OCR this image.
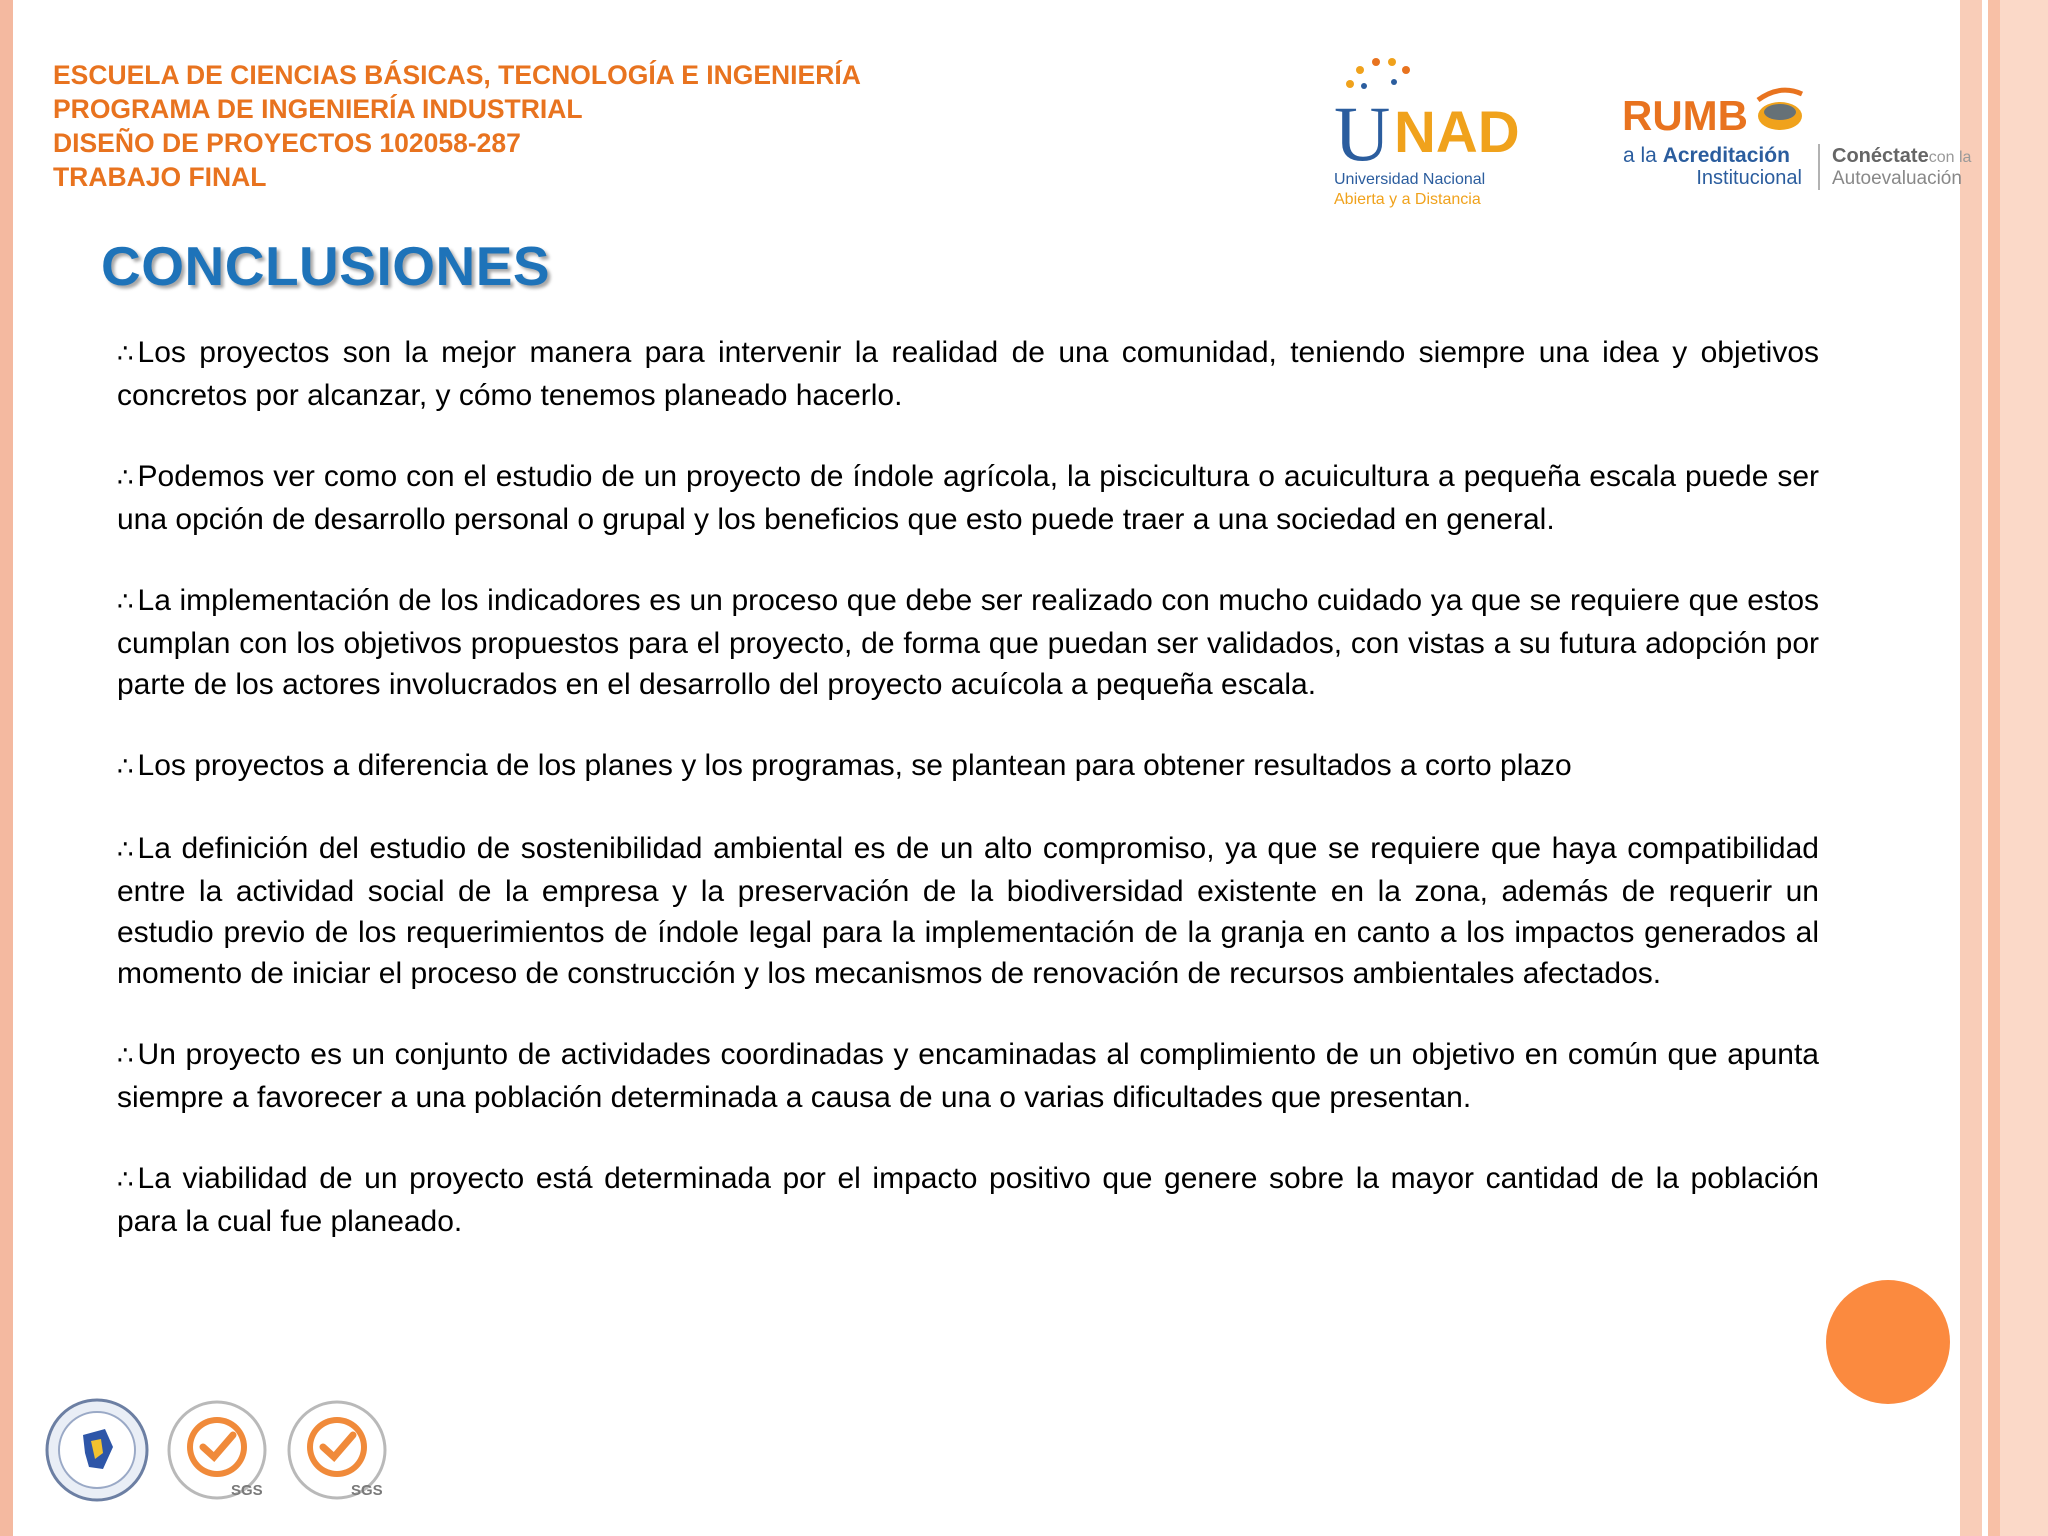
ESCUELA DE CIENCIAS BÁSICAS, TECNOLOGÍA E INGENIERÍA
PROGRAMA DE INGENIERÍA INDUSTRIAL
DISEÑO DE PROYECTOS 102058-287
TRABAJO FINAL	U NAD
Universidad Nacional
Abierta y a Distancia
RUMB
a la Acreditación
Institucional
Conéctatecon la
Autoevaluación
CONCLUSIONES

∴ Los proyectos son la mejor manera para intervenir la realidad de una comunidad, teniendo siempre una idea y objetivos concretos por alcanzar, y cómo tenemos planeado hacerlo.

∴ Podemos ver como con el estudio de un proyecto de índole agrícola, la piscicultura o acuicultura a pequeña escala puede ser una opción de desarrollo personal o grupal y los beneficios que esto puede traer a una sociedad en general.

∴ La implementación de los indicadores es un proceso que debe ser realizado con mucho cuidado ya que se requiere que estos cumplan con los objetivos propuestos para el proyecto, de forma que puedan ser validados, con vistas a su futura adopción por parte de los actores involucrados en el desarrollo del proyecto acuícola a pequeña escala.

∴ Los proyectos a diferencia de los planes y los programas, se plantean para obtener resultados a corto plazo

∴ La definición del estudio de sostenibilidad ambiental es de un alto compromiso, ya que se requiere que haya compatibilidad entre la actividad social de la empresa y la preservación de la biodiversidad existente en la zona, además de requerir un estudio previo de los requerimientos de índole legal para la implementación de la granja en canto a los impactos generados al momento de iniciar el proceso de construcción y los mecanismos de renovación de recursos ambientales afectados.

∴ Un proyecto es un conjunto de actividades coordinadas y encaminadas al complimiento de un objetivo en común que apunta siempre a favorecer a una población determinada a causa de una o varias dificultades que presentan.

∴ La viabilidad de un proyecto está determinada por el impacto positivo que genere sobre la mayor cantidad de la población para la cual fue planeado.

SGS	SGS
